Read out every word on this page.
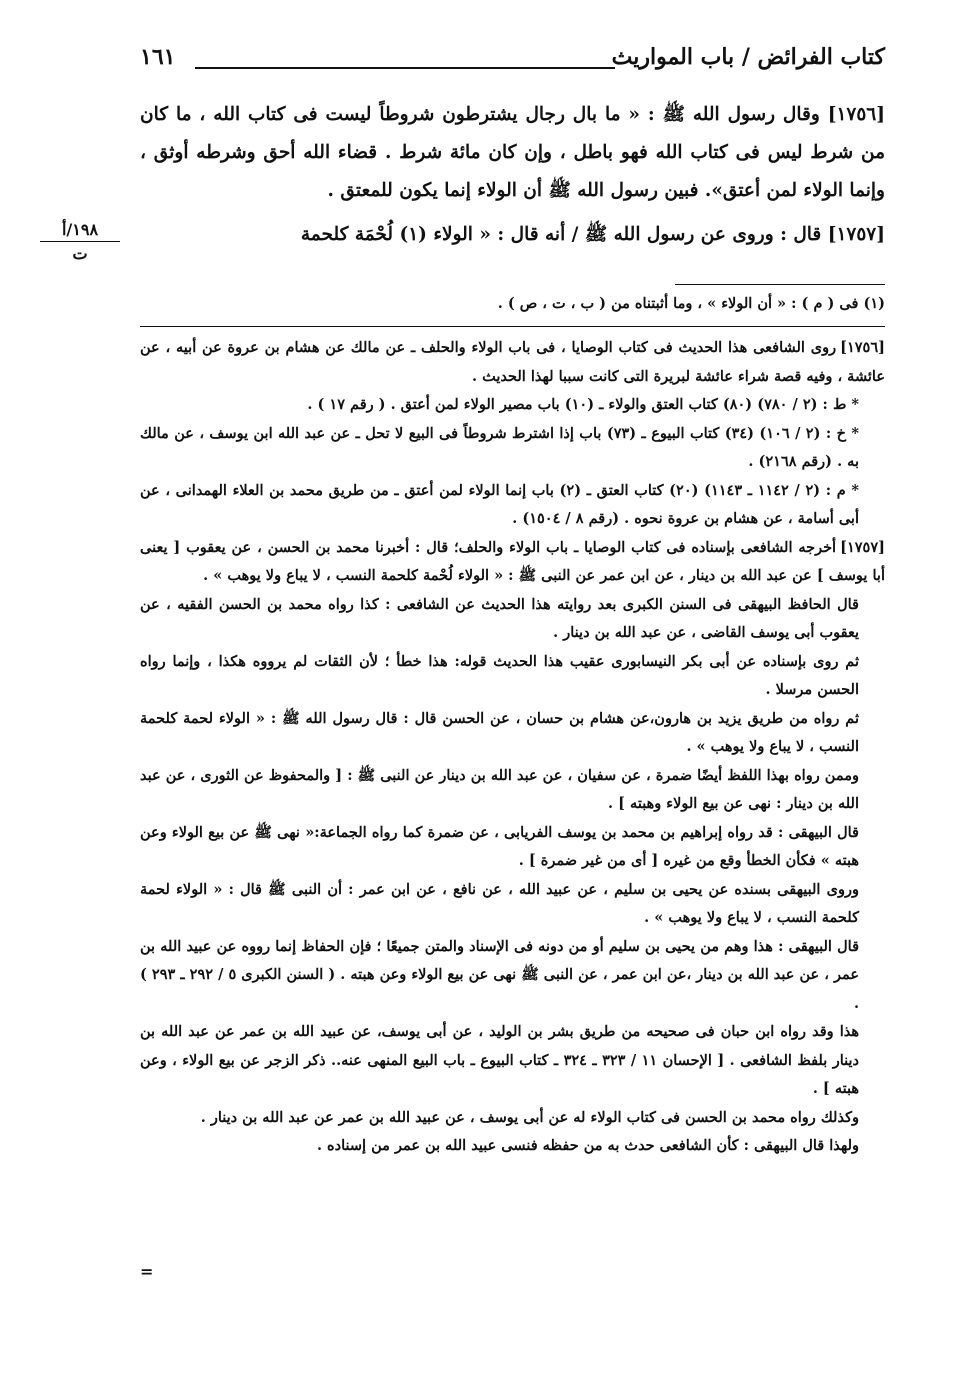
كتاب الفرائض / باب المواريث
١٦١

[١٧٥٦] وقال رسول الله ﷺ : « ما بال رجال يشترطون شروطاً ليست فى كتاب الله ، ما كان من شرط ليس فى كتاب الله فهو باطل ، وإن كان مائة شرط . قضاء الله أحق وشرطه أوثق ، وإنما الولاء لمن أعتق». فبين رسول الله ﷺ أن الولاء إنما يكون للمعتق .

[١٧٥٧] قال : وروى عن رسول الله ﷺ / أنه قال : « الولاء (١) لُحْمَة كلحمة

١٩٨/أ
ت
(١) فى ( م ) : « أن الولاء » ، وما أثبتناه من ( ب ، ت ، ص ) .

[١٧٥٦]روى الشافعى هذا الحديث فى كتاب الوصايا ، فى باب الولاء والحلف ـ عن مالك عن هشام بن عروة عن أبيه ، عن عائشة ، وفيه قصة شراء عائشة لبريرة التى كانت سببا لهذا الحديث .

* ط : (٢ / ٧٨٠) (٨٠) كتاب العتق والولاء ـ (١٠) باب مصير الولاء لمن أعتق . ( رقم ١٧ ) .

* خ : (٢ / ١٠٦) (٣٤) كتاب البيوع ـ (٧٣) باب إذا اشترط شروطاً فى البيع لا تحل ـ عن عبد الله ابن يوسف ، عن مالك به . (رقم ٢١٦٨) .

* م : (٢ / ١١٤٢ ـ ١١٤٣) (٢٠) كتاب العتق ـ (٢) باب إنما الولاء لمن أعتق ـ من طريق محمد بن العلاء الهمدانى ، عن أبى أسامة ، عن هشام بن عروة نحوه . (رقم ٨ / ١٥٠٤) .

[١٧٥٧]أخرجه الشافعى بإسناده فى كتاب الوصايا ـ باب الولاء والحلف؛ قال : أخبرنا محمد بن الحسن ، عن يعقوب [ يعنى أبا يوسف ] عن عبد الله بن دينار ، عن ابن عمر عن النبى ﷺ : « الولاء لُحْمة كلحمة النسب ، لا يباع ولا يوهب » .

قال الحافظ البيهقى فى السنن الكبرى بعد روايته هذا الحديث عن الشافعى : كذا رواه محمد بن الحسن الفقيه ، عن يعقوب أبى يوسف القاضى ، عن عبد الله بن دينار .

ثم روى بإسناده عن أبى بكر النيسابورى عقيب هذا الحديث قوله: هذا خطأ ؛ لأن الثقات لم يرووه هكذا ، وإنما رواه الحسن مرسلا .

ثم رواه من طريق يزيد بن هارون،عن هشام بن حسان ، عن الحسن قال : قال رسول الله ﷺ : « الولاء لحمة كلحمة النسب ، لا يباع ولا يوهب » .

وممن رواه بهذا اللفظ أيضًا ضمرة ، عن سفيان ، عن عبد الله بن دينار عن النبى ﷺ : [ والمحفوظ عن الثورى ، عن عبد الله بن دينار : نهى عن بيع الولاء وهبته ] .

قال البيهقى : قد رواه إبراهيم بن محمد بن يوسف الفريابى ، عن ضمرة كما رواه الجماعة:« نهى ﷺ عن بيع الولاء وعن هبته » فكأن الخطأ وقع من غيره [ أى من غير ضمرة ] .

وروى البيهقى بسنده عن يحيى بن سليم ، عن عبيد الله ، عن نافع ، عن ابن عمر : أن النبى ﷺ قال : « الولاء لحمة كلحمة النسب ، لا يباع ولا يوهب » .

قال البيهقى : هذا وهم من يحيى بن سليم أو من دونه فى الإسناد والمتن جميعًا ؛ فإن الحفاظ إنما رووه عن عبيد الله بن عمر ، عن عبد الله بن دينار ،عن ابن عمر ، عن النبى ﷺ نهى عن بيع الولاء وعن هبته . ( السنن الكبرى ٥ / ٢٩٢ ـ ٢٩٣ ) .

هذا وقد رواه ابن حبان فى صحيحه من طريق بشر بن الوليد ، عن أبى يوسف، عن عبيد الله بن عمر عن عبد الله بن دينار بلفظ الشافعى . [ الإحسان ١١ / ٣٢٣ ـ ٣٢٤ ـ كتاب البيوع ـ باب البيع المنهى عنه.. ذكر الزجر عن بيع الولاء ، وعن هبته ] .

وكذلك رواه محمد بن الحسن فى كتاب الولاء له عن أبى يوسف ، عن عبيد الله بن عمر عن عبد الله بن دينار .

ولهذا قال البيهقى : كأن الشافعى حدث به من حفظه فنسى عبيد الله بن عمر من إسناده .

=
